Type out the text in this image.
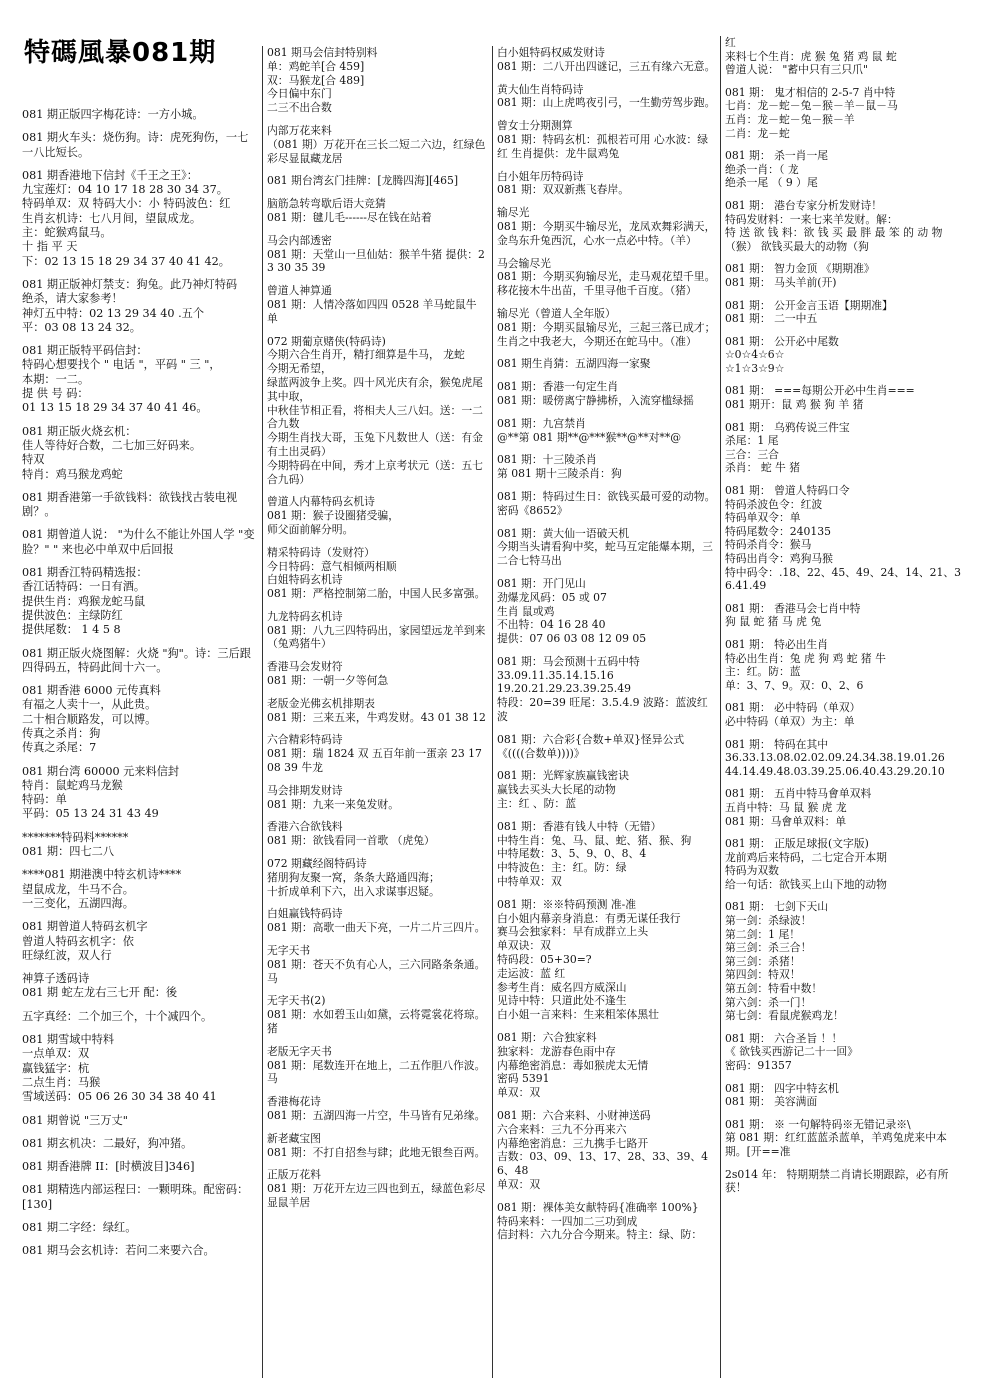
特碼風暴081期
081 期正版四字梅花诗：一方小城。
081 期火车头：烧伤狗。诗：虎死狗伤，一七一八比短长。
081 期香港地下信封《千王之王》：
九宝莲灯：04 10 17 18 28 30 34 37。
特码单双：双 特码大小：小 特码波色：红
生肖玄机诗：七八月间，望鼠成龙。
主：蛇猴鸡鼠马。
十 指 平 天
下：02 13 15 18 29 34 37 40 41 42。
081 期正版神灯禁支：狗兔。此乃神灯特码
绝杀，请大家参考！
神灯五中特：02 13 29 34 40 .五个
平：03 08 13 24 32。
081 期正版特平码信封：
特码心想要找个 " 电话 "，平码 " 三 "，
本期：一二。
提 供 号 码：
01 13 15 18 29 34 37 40 41 46。
081 期正版火烧玄机：
佳人等待好合数，二七加三好码来。
特双
特肖：鸡马猴龙鸡蛇
081 期香港第一手欲钱料：欲钱找古装电视剧？。
081 期曾道人说： "为什么不能让外国人学 "变脸？" " 来也必中单双中后回报
081 期香江特码精选报：
香江话特码：一日有酒。
提供生肖：鸡猴龙蛇马鼠
提供波色：主绿防红
提供尾数： 1 4 5 8
081 期正版火烧图解：火烧 "狗"。诗：三后跟四得码五，特码此间十六一。
081 期香港 6000 元传真料
有福之人卖十一，从此贵。
二十相合顺路发，可以博。
传真之杀肖：狗
传真之杀尾：7
081 期台湾 60000 元来料信封
特肖：鼠蛇鸡马龙猴
特码：单
平码：05 13 24 31 43 49
*******特码料******
081 期：四七二八
****081 期港澳中特玄机诗****
望鼠成龙，牛马不合。
一三变化，五湖四海。
081 期曾道人特码玄机字
曾道人特码玄机字：依
旺绿红波，双人行
神算子透码诗
081 期 蛇左龙右三七开 配：後
五字真经：二个加三个，十个减四个。
081 期雪域中特料
一点单双：双
赢钱猛字：杭
二点生肖：马猴
雪域送码：05 06 26 30 34 38 40 41
081 期曾说 "三万丈"
081 期玄机决：二最好，狗冲猪。
081 期香港牌 II：[时横波目]346]
081 期精选内部运程曰：一颗明珠。配密码：[130]
081 期二字经：绿红。
081 期马会玄机诗：若问二来要六合。
081 期马会信封特别料
单：鸡蛇羊[合 459]
双：马猴龙[合 489]
今日偏中东门
二三不出合数
内部万花来料
（081 期）万花开在三长二短二六边，红绿色彩尽显鼠藏龙居
081 期台湾玄门挂牌：[龙腾四海][465]
脑筋急转弯歇后语大竞猜
081 期：毽儿毛------尽在钱在站着
马会内部透密
081 期：天堂山一旦仙姑：猴羊牛猪 提供：23 30 35 39
曾道人神算通
081 期：人情冷落如四四 0528 羊马蛇鼠牛 单
072 期葡京赌侠(特码诗)
今期六合生肖开，精打细算是牛马， 龙蛇
今期无希望，
绿蓝两波争上奖。四十风光庆有余，猴兔虎尾其中取，
中秋佳节相正看，将相夫人三八妇。送：一二合九数
今期生肖找大哥，玉兔下凡数世人（送：有金有土出灵码）
今期特码在中间，秀才上京考状元（送：五七合九码）
曾道人内幕特码玄机诗
081 期：猴子设圈猪受骗，
师父面前解分明。
精采特码诗（发财符）
今日特码：意气相倾两相顺
白姐特码玄机诗
081 期：严格控制第二胎，中国人民多富强。
九龙特码玄机诗
081 期：八九三四特码出，家园望远龙羊到来（兔鸡猪牛）
香港马会发财符
081 期：一朝一夕等何急
老版金光佛玄机排期表
081 期：三来五来，牛鸡发财。43 01 38 12
六合精彩特码诗
081 期：瑞 1824 双 五百年前一蛋亲 23 17 08 39 牛龙
马会排期发财诗
081 期：九来一来兔发财。
香港六合欲钱料
081 期：欲钱看同一首歌 （虎兔）
072 期藏经阁特码诗
猪朋狗友聚一窝，条条大路通四海；
十折成单利下六，出入求谋事迟疑。
白姐赢钱特码诗
081 期：高歌一曲天下亮，一片二片三四片。
无字天书
081 期：苍天不负有心人，三六同路条条通。 马
无字天书(2)
081 期：水如碧玉山如黛，云将霓裳花将琼。猪
老版无字天书
081 期：尾数连开在地上，二五作胆八作波。马
香港梅花诗
081 期：五湖四海一片空，牛马皆有兄弟缘。
新老藏宝图
081 期：不打自招叁与肆；此地无银叁百两。
正版万花料
081 期：万花开左边三四也到五，绿蓝色彩尽显鼠羊居
白小姐特码权威发财诗
081 期：二八开出四谜记，三五有缘六无意。
黄大仙生肖特码诗
081 期：山上虎鸣夜引弓，一生勤劳驾步跑。
曾女士分期测算
081 期：特码玄机：孤根若可用 心水波：绿红 生肖提供：龙牛鼠鸡兔
白小姐年历特码诗
081 期：双双新燕飞春岸。
输尽光
081 期：今期买牛输尽光，龙凤欢舞彩满天，金鸟东升兔西沉，心水一点必中特。（羊）
马会输尽光
081 期：今期买狗输尽光，走马观花望千里。移花接木牛出苗，千里寻他千百度。（猪）
输尽光（曾道人全年版）
081 期：今期买鼠输尽光，三起三落已成才；生肖之中我老大，今期还在蛇马中。（准）
081 期生肖猜：五湖四海一家聚
081 期：香港一句定生肖
081 期：暖傍离宁静拂桥，入流穿槛绿摇
081 期：九宫禁肖
@**第 081 期**@***猴**@**对**@
081 期：十三陵杀肖
第 081 期十三陵杀肖：狗
081 期：特码过生日：欲钱买最可爱的动物。密码《8652》
081 期：黄大仙一语破天机
今期当头请看狗中奖，蛇马互定能爆本期，三二合七特马出
081 期：开门见山
劲爆龙风码：05 或 07
生肖 鼠或鸡
不出特：04 16 28 40
提供：07 06 03 08 12 09 05
081 期：马会预测十五码中特
33.09.11.35.14.15.16
19.20.21.29.23.39.25.49
特段：20=39 旺尾：3.5.4.9 波路：蓝波红波
081 期：六合彩{合数+单双}怪异公式
《((((合数单))))》
081 期：光辉家族赢钱密诀
赢钱去买头大长尾的动物
主：红 、防：蓝
081 期：香港有钱人中特（无错）
中特生肖：兔、马、鼠、蛇、猪、猴、狗
中特尾数：3、5、9、0、8、4
中特波色：主：红。防：绿
中特单双：双
081 期：※※特码预测 准-准
白小姐内幕亲身消息：有勇无谋任我行
赛马会独家料：早有成群立上头
单双诀：双
特码段：05+30=?
走运波：蓝 红
参考生肖：威名四方威深山
见诗中特：只道此处不逢生
白小姐一言来料：生来粗笨体黑壮
081 期：六合独家料
独家料：龙游春色雨中存
内幕绝密消息：毒如猴虎太无情
密码 5391
单双：双
081 期：六合来料、小财神送码
六合来料：三九不分再来六
内幕绝密消息：三九携手七路开
吉数：03、09、13、17、28、33、39、46、48
单双：双
081 期：裸体美女献特码{准确率 100%}
特码来料：一四加二三功到成
信封料：六九分合今期来。特主：绿、防：
红
来料七个生肖：虎 猴 兔 猪 鸡 鼠 蛇
曾道人说： "蓄中只有三只爪"
081 期： 鬼才相信的 2-5-7 肖中特
七肖：龙－蛇－兔－猴－羊－鼠－马
五肖：龙－蛇－兔－猴－羊
二肖：龙－蛇
081 期： 杀一肖一尾
绝杀一肖：（ 龙
绝杀一尾 （ 9 ）尾
081 期： 港台专家分析发财诗！
特码发财料：一来七来羊发财。解：
特 送 欲 钱 料：欲 钱 买 最 胖 最 笨 的 动 物
（猴） 欲钱买最大的动物（狗
081 期： 智力金顶 《期期准》
081 期： 马头羊前(开)
081 期： 公开金言玉语【期期准】
081 期： 二一中五
081 期： 公开必中尾数
☆0☆4☆6☆
☆1☆3☆9☆
081 期： ===每期公开必中生肖===
081 期开：鼠 鸡 猴 狗 羊 猪
081 期： 乌鸦传说三件宝
杀尾：1 尾
三合：三合
杀肖： 蛇 牛 猪
081 期： 曾道人特码口令
特码杀波色令：红波
特码单双令：单
特码尾数令：240135
特码杀肖令：猴马
特码出肖令：鸡狗马猴
特中码令：.18、22、45、49、24、14、21、36.41.49
081 期： 香港马会七肖中特
狗 鼠 蛇 猪 马 虎 兔
081 期： 特必出生肖
特必出生肖：兔 虎 狗 鸡 蛇 猪 牛
主：红。防：蓝
单：3、7、9。双：0、2、6
081 期： 必中特码（单双）
必中特码（单双）为主：单
081 期： 特码在其中
36.33.13.08.02.02.09.24.34.38.19.01.26
44.14.49.48.03.39.25.06.40.43.29.20.10
081 期： 五肖中特马會单双料
五肖中特：马 鼠 猴 虎 龙
081 期：马會单双料：单
081 期： 正版足球报(文字版)
龙前鸡后来特码，二七定合开本期
特码为双数
给一句话：欲钱买上山下地的动物
081 期： 七剑下天山
第一剑：杀绿波！
第二剑：1 尾！
第三剑：杀三合！
第三剑：杀猪！
第四剑：特双！
第五剑：特看中数！
第六剑：杀一门！
第七剑：看鼠虎猴鸡龙！
081 期： 六合圣旨 ！！
《 欲钱买西游记二十一回》
密码：91357
081 期： 四字中特玄机
081 期： 美容满面
081 期： ※ 一句解特码※无错记录※\
第 081 期：红红蓝蓝杀蓝单，羊鸡兔虎来中本期。[开==准
2s014 年： 特期期禁二肖请长期跟踪，必有所获！
